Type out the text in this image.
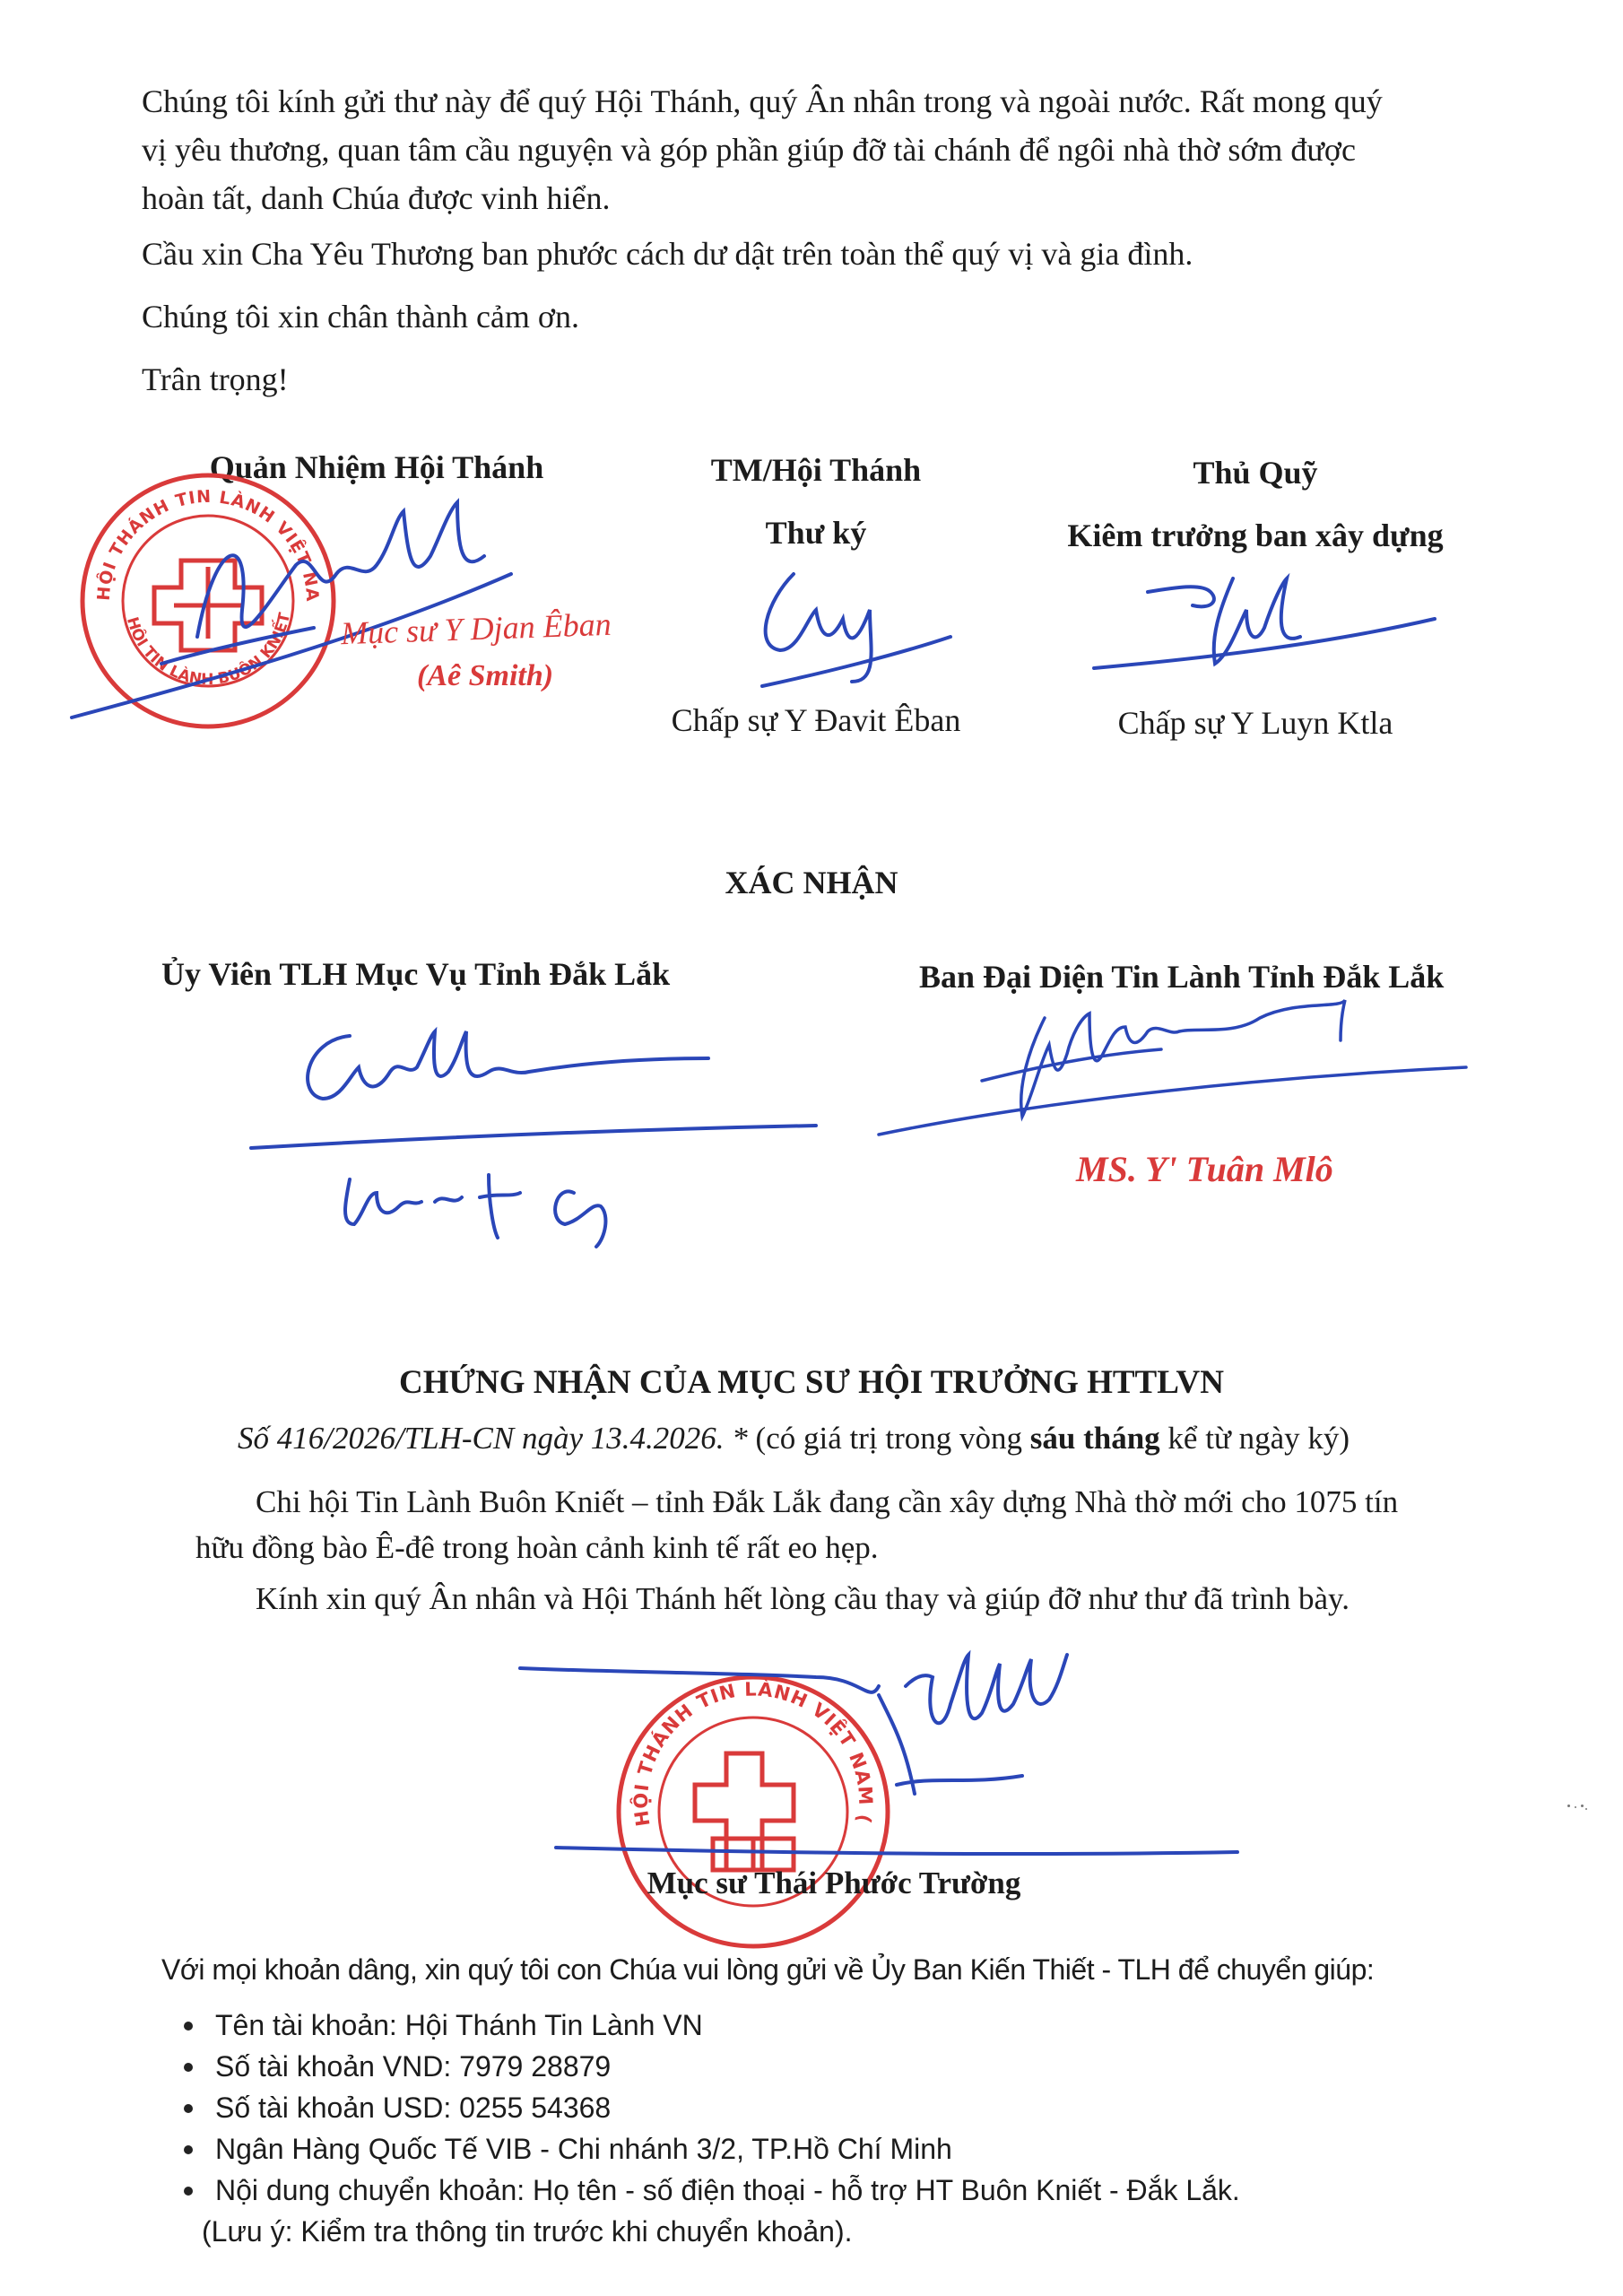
Chúng tôi kính gửi thư này để quý Hội Thánh, quý Ân nhân trong và ngoài nước. Rất mong quý
vị yêu thương, quan tâm cầu nguyện và góp phần giúp đỡ tài chánh để ngôi nhà thờ sớm được
hoàn tất, danh Chúa được vinh hiển.
Cầu xin Cha Yêu Thương ban phước cách dư dật trên toàn thể quý vị và gia đình.
Chúng tôi xin chân thành cảm ơn.
Trân trọng!
Quản Nhiệm Hội Thánh	TM/Hội Thánh
Thư ký
Thủ Quỹ
Kiêm trưởng ban xây dựng
HỘI THÁNH TIN LÀNH VIỆT NAM (MIỀN NAM)
HỘI TIN LÀNH BUÔN KNIẾT Mục sư Y Djan Êban
(Aê Smith)
Chấp sự Y Đavit Êban	Chấp sự Y Luyn Ktla
XÁC NHẬN
Ủy Viên TLH Mục Vụ Tỉnh Đắk Lắk	Ban Đại Diện Tin Lành Tỉnh Đắk Lắk
MS. Y' Tuân Mlô
CHỨNG NHẬN CỦA MỤC SƯ HỘI TRƯỞNG HTTLVN
Số 416/2026/TLH-CN ngày 13.4.2026. * (có giá trị trong vòng sáu tháng kể từ ngày ký)
Chi hội Tin Lành Buôn Kniết – tỉnh Đắk Lắk đang cần xây dựng Nhà thờ mới cho 1075 tín
hữu đồng bào Ê-đê trong hoàn cảnh kinh tế rất eo hẹp.
Kính xin quý Ân nhân và Hội Thánh hết lòng cầu thay và giúp đỡ như thư đã trình bày.
HỘI THÁNH TIN LÀNH VIỆT NAM (MIỀN NAM)
Mục sư Thái Phước Trường
Với mọi khoản dâng, xin quý tôi con Chúa vui lòng gửi về Ủy Ban Kiến Thiết - TLH để chuyển giúp:
Tên tài khoản: Hội Thánh Tin Lành VN
Số tài khoản VND: 7979 28879
Số tài khoản USD: 0255 54368
Ngân Hàng Quốc Tế VIB - Chi nhánh 3/2, TP.Hồ Chí Minh
Nội dung chuyển khoản: Họ tên - số điện thoại - hỗ trợ HT Buôn Kniết - Đắk Lắk.
(Lưu ý: Kiểm tra thông tin trước khi chuyển khoản).
